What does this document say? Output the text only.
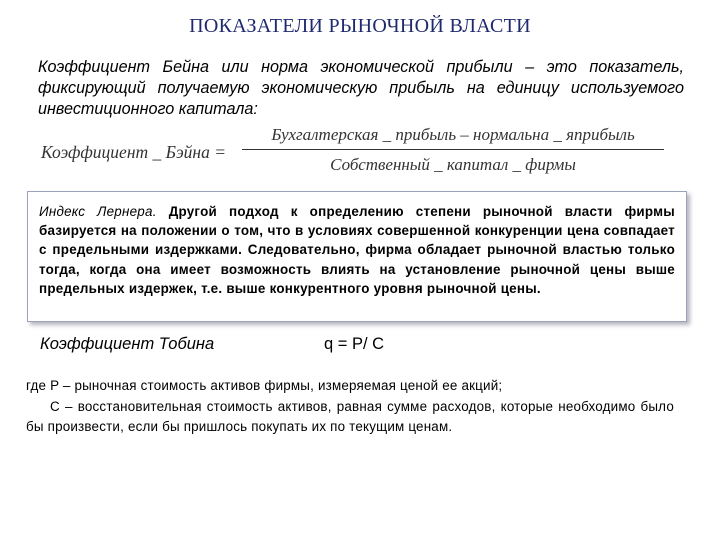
ПОКАЗАТЕЛИ РЫНОЧНОЙ ВЛАСТИ
Коэффициент Бейна или норма экономической прибыли – это показатель, фиксирующий получаемую экономическую прибыль на единицу используемого инвестиционного капитала:
Коэффициент _ Бэйна =
Бухгалтерская _ прибыль – нормальна _ яприбыль
Собственный _ капитал _ фирмы
Индекс Лернера. Другой подход к определению степени рыночной власти фирмы базируется на положении о том, что в условиях совершенной конкуренции цена совпадает с предельными издержками. Следовательно, фирма обладает рыночной властью только тогда, когда она имеет возможность влиять на установление рыночной цены выше предельных издержек, т.е. выше конкурентного уровня рыночной цены.
Коэффициент Тобина	q = P/ C
где P – рыночная стоимость активов фирмы, измеряемая ценой ее акций;
C – восстановительная стоимость активов, равная сумме расходов, которые необходимо было бы произвести, если бы пришлось покупать их по текущим ценам.
